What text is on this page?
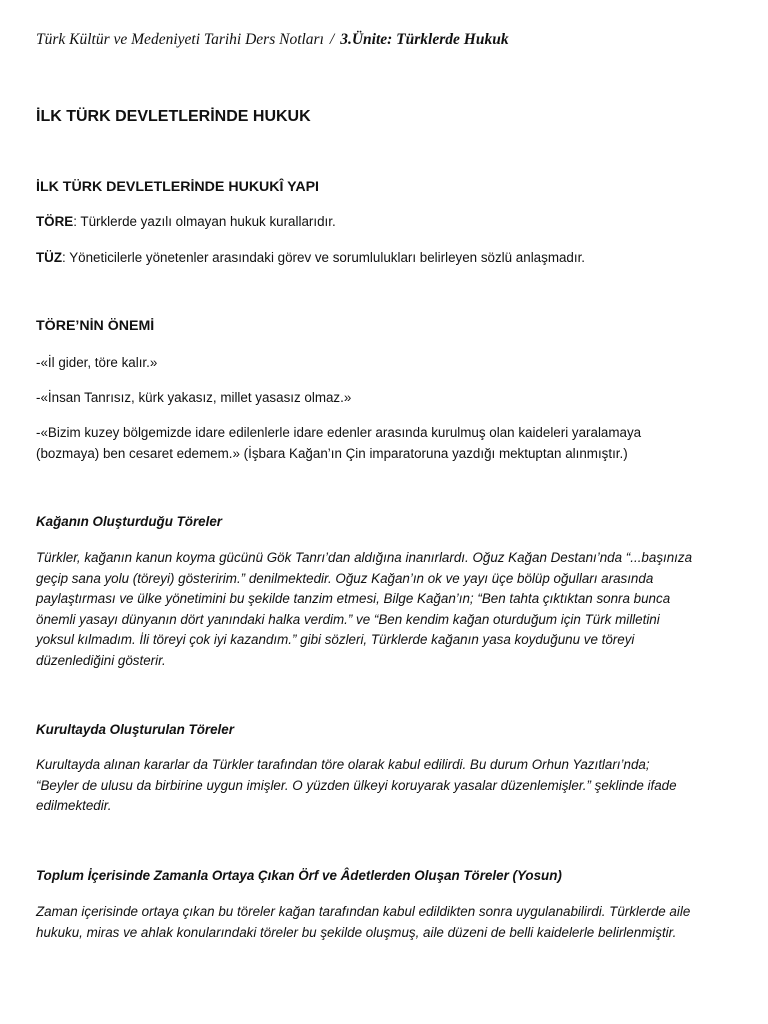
Türk Kültür ve Medeniyeti Tarihi Ders Notları / 3.Ünite: Türklerde Hukuk
İLK TÜRK DEVLETLERİNDE HUKUK
İLK TÜRK DEVLETLERİNDE HUKUKÎ YAPI

TÖRE: Türklerde yazılı olmayan hukuk kurallarıdır.

TÜZ: Yöneticilerle yönetenler arasındaki görev ve sorumlulukları belirleyen sözlü anlaşmadır.

TÖRE’NİN ÖNEMİ

-«İl gider, töre kalır.»

-«İnsan Tanrısız, kürk yakasız, millet yasasız olmaz.»

-«Bizim kuzey bölgemizde idare edilenlerle idare edenler arasında kurulmuş olan kaideleri yaralamaya
(bozmaya) ben cesaret edemem.» (İşbara Kağan’ın Çin imparatoruna yazdığı mektuptan alınmıştır.)

Kağanın Oluşturduğu Töreler

Türkler, kağanın kanun koyma gücünü Gök Tanrı’dan aldığına inanırlardı. Oğuz Kağan Destanı’nda “...başınıza
geçip sana yolu (töreyi) gösteririm.” denilmektedir. Oğuz Kağan’ın ok ve yayı üçe bölüp oğulları arasında
paylaştırması ve ülke yönetimini bu şekilde tanzim etmesi, Bilge Kağan’ın; “Ben tahta çıktıktan sonra bunca
önemli yasayı dünyanın dört yanındaki halka verdim.” ve “Ben kendim kağan oturduğum için Türk milletini
yoksul kılmadım. İli töreyi çok iyi kazandım.” gibi sözleri, Türklerde kağanın yasa koyduğunu ve töreyi
düzenlediğini gösterir.

Kurultayda Oluşturulan Töreler

Kurultayda alınan kararlar da Türkler tarafından töre olarak kabul edilirdi. Bu durum Orhun Yazıtları’nda;
“Beyler de ulusu da birbirine uygun imişler. O yüzden ülkeyi koruyarak yasalar düzenlemişler.” şeklinde ifade
edilmektedir.

Toplum İçerisinde Zamanla Ortaya Çıkan Örf ve Âdetlerden Oluşan Töreler (Yosun)

Zaman içerisinde ortaya çıkan bu töreler kağan tarafından kabul edildikten sonra uygulanabilirdi. Türklerde aile
hukuku, miras ve ahlak konularındaki töreler bu şekilde oluşmuş, aile düzeni de belli kaidelerle belirlenmiştir.
